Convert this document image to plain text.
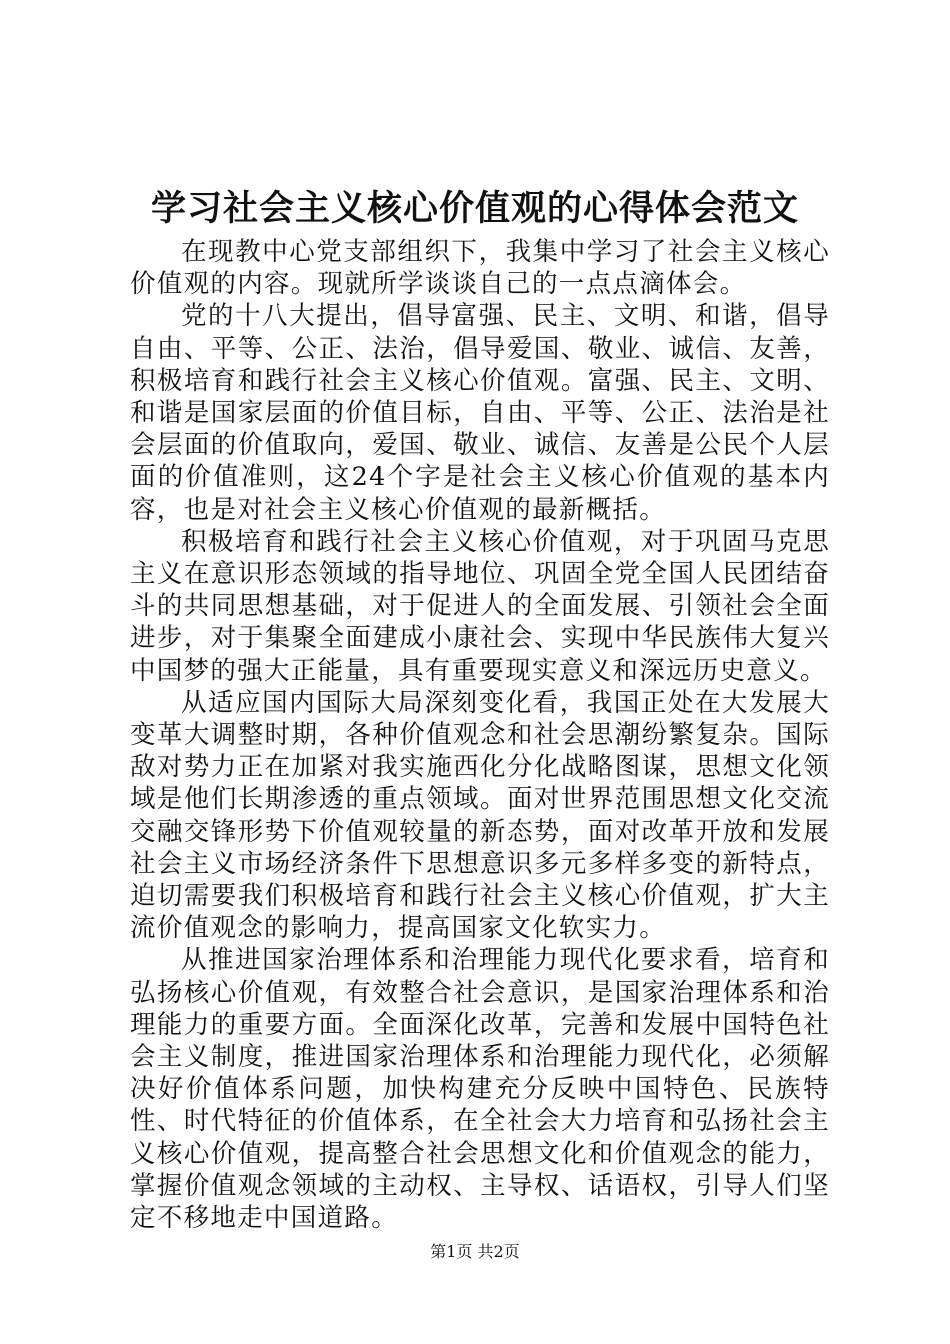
学习社会主义核心价值观的心得体会范文

在现教中心党支部组织下，我集中学习了社会主义核心价值观的内容。现就所学谈谈自己的一点点滴体会。

党的十八大提出，倡导富强、民主、文明、和谐，倡导自由、平等、公正、法治，倡导爱国、敬业、诚信、友善，积极培育和践行社会主义核心价值观。富强、民主、文明、和谐是国家层面的价值目标，自由、平等、公正、法治是社会层面的价值取向，爱国、敬业、诚信、友善是公民个人层面的价值准则，这24个字是社会主义核心价值观的基本内容，也是对社会主义核心价值观的最新概括。

积极培育和践行社会主义核心价值观，对于巩固马克思主义在意识形态领域的指导地位、巩固全党全国人民团结奋斗的共同思想基础，对于促进人的全面发展、引领社会全面进步，对于集聚全面建成小康社会、实现中华民族伟大复兴中国梦的强大正能量，具有重要现实意义和深远历史意义。

从适应国内国际大局深刻变化看，我国正处在大发展大变革大调整时期，各种价值观念和社会思潮纷繁复杂。国际敌对势力正在加紧对我实施西化分化战略图谋，思想文化领域是他们长期渗透的重点领域。面对世界范围思想文化交流交融交锋形势下价值观较量的新态势，面对改革开放和发展社会主义市场经济条件下思想意识多元多样多变的新特点，迫切需要我们积极培育和践行社会主义核心价值观，扩大主流价值观念的影响力，提高国家文化软实力。

从推进国家治理体系和治理能力现代化要求看，培育和弘扬核心价值观，有效整合社会意识，是国家治理体系和治理能力的重要方面。全面深化改革，完善和发展中国特色社会主义制度，推进国家治理体系和治理能力现代化，必须解决好价值体系问题，加快构建充分反映中国特色、民族特性、时代特征的价值体系，在全社会大力培育和弘扬社会主义核心价值观，提高整合社会思想文化和价值观念的能力，掌握价值观念领域的主动权、主导权、话语权，引导人们坚定不移地走中国道路。

第1页 共2页
